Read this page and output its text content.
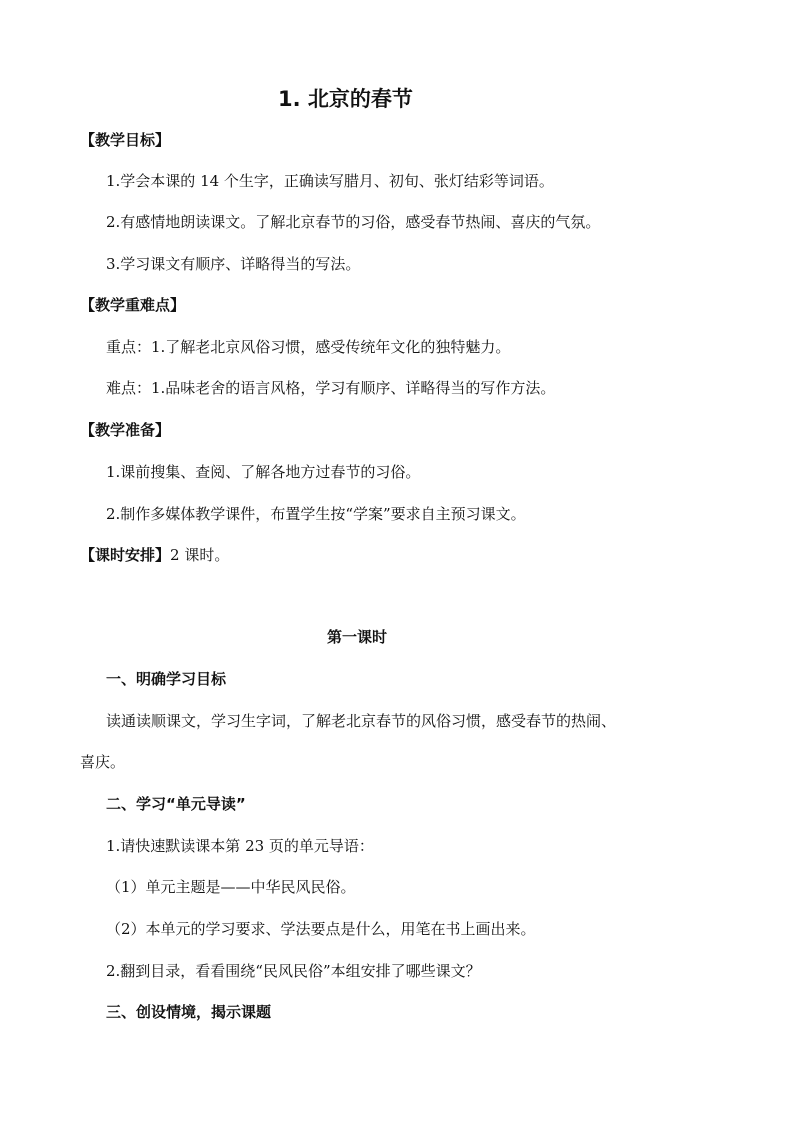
1. 北京的春节
【教学目标】
1.学会本课的 14 个生字，正确读写腊月、初旬、张灯结彩等词语。
2.有感情地朗读课文。了解北京春节的习俗，感受春节热闹、喜庆的气氛。
3.学习课文有顺序、详略得当的写法。
【教学重难点】
重点：1.了解老北京风俗习惯，感受传统年文化的独特魅力。
难点：1.品味老舍的语言风格，学习有顺序、详略得当的写作方法。
【教学准备】
1.课前搜集、查阅、了解各地方过春节的习俗。
2.制作多媒体教学课件，布置学生按“学案”要求自主预习课文。
【课时安排】2 课时。
第一课时
一、明确学习目标
读通读顺课文，学习生字词，了解老北京春节的风俗习惯，感受春节的热闹、
喜庆。
二、学习“单元导读”
1.请快速默读课本第 23 页的单元导语：
（1）单元主题是——中华民风民俗。
（2）本单元的学习要求、学法要点是什么，用笔在书上画出来。
2.翻到目录，看看围绕“民风民俗”本组安排了哪些课文？
三、创设情境，揭示课题
